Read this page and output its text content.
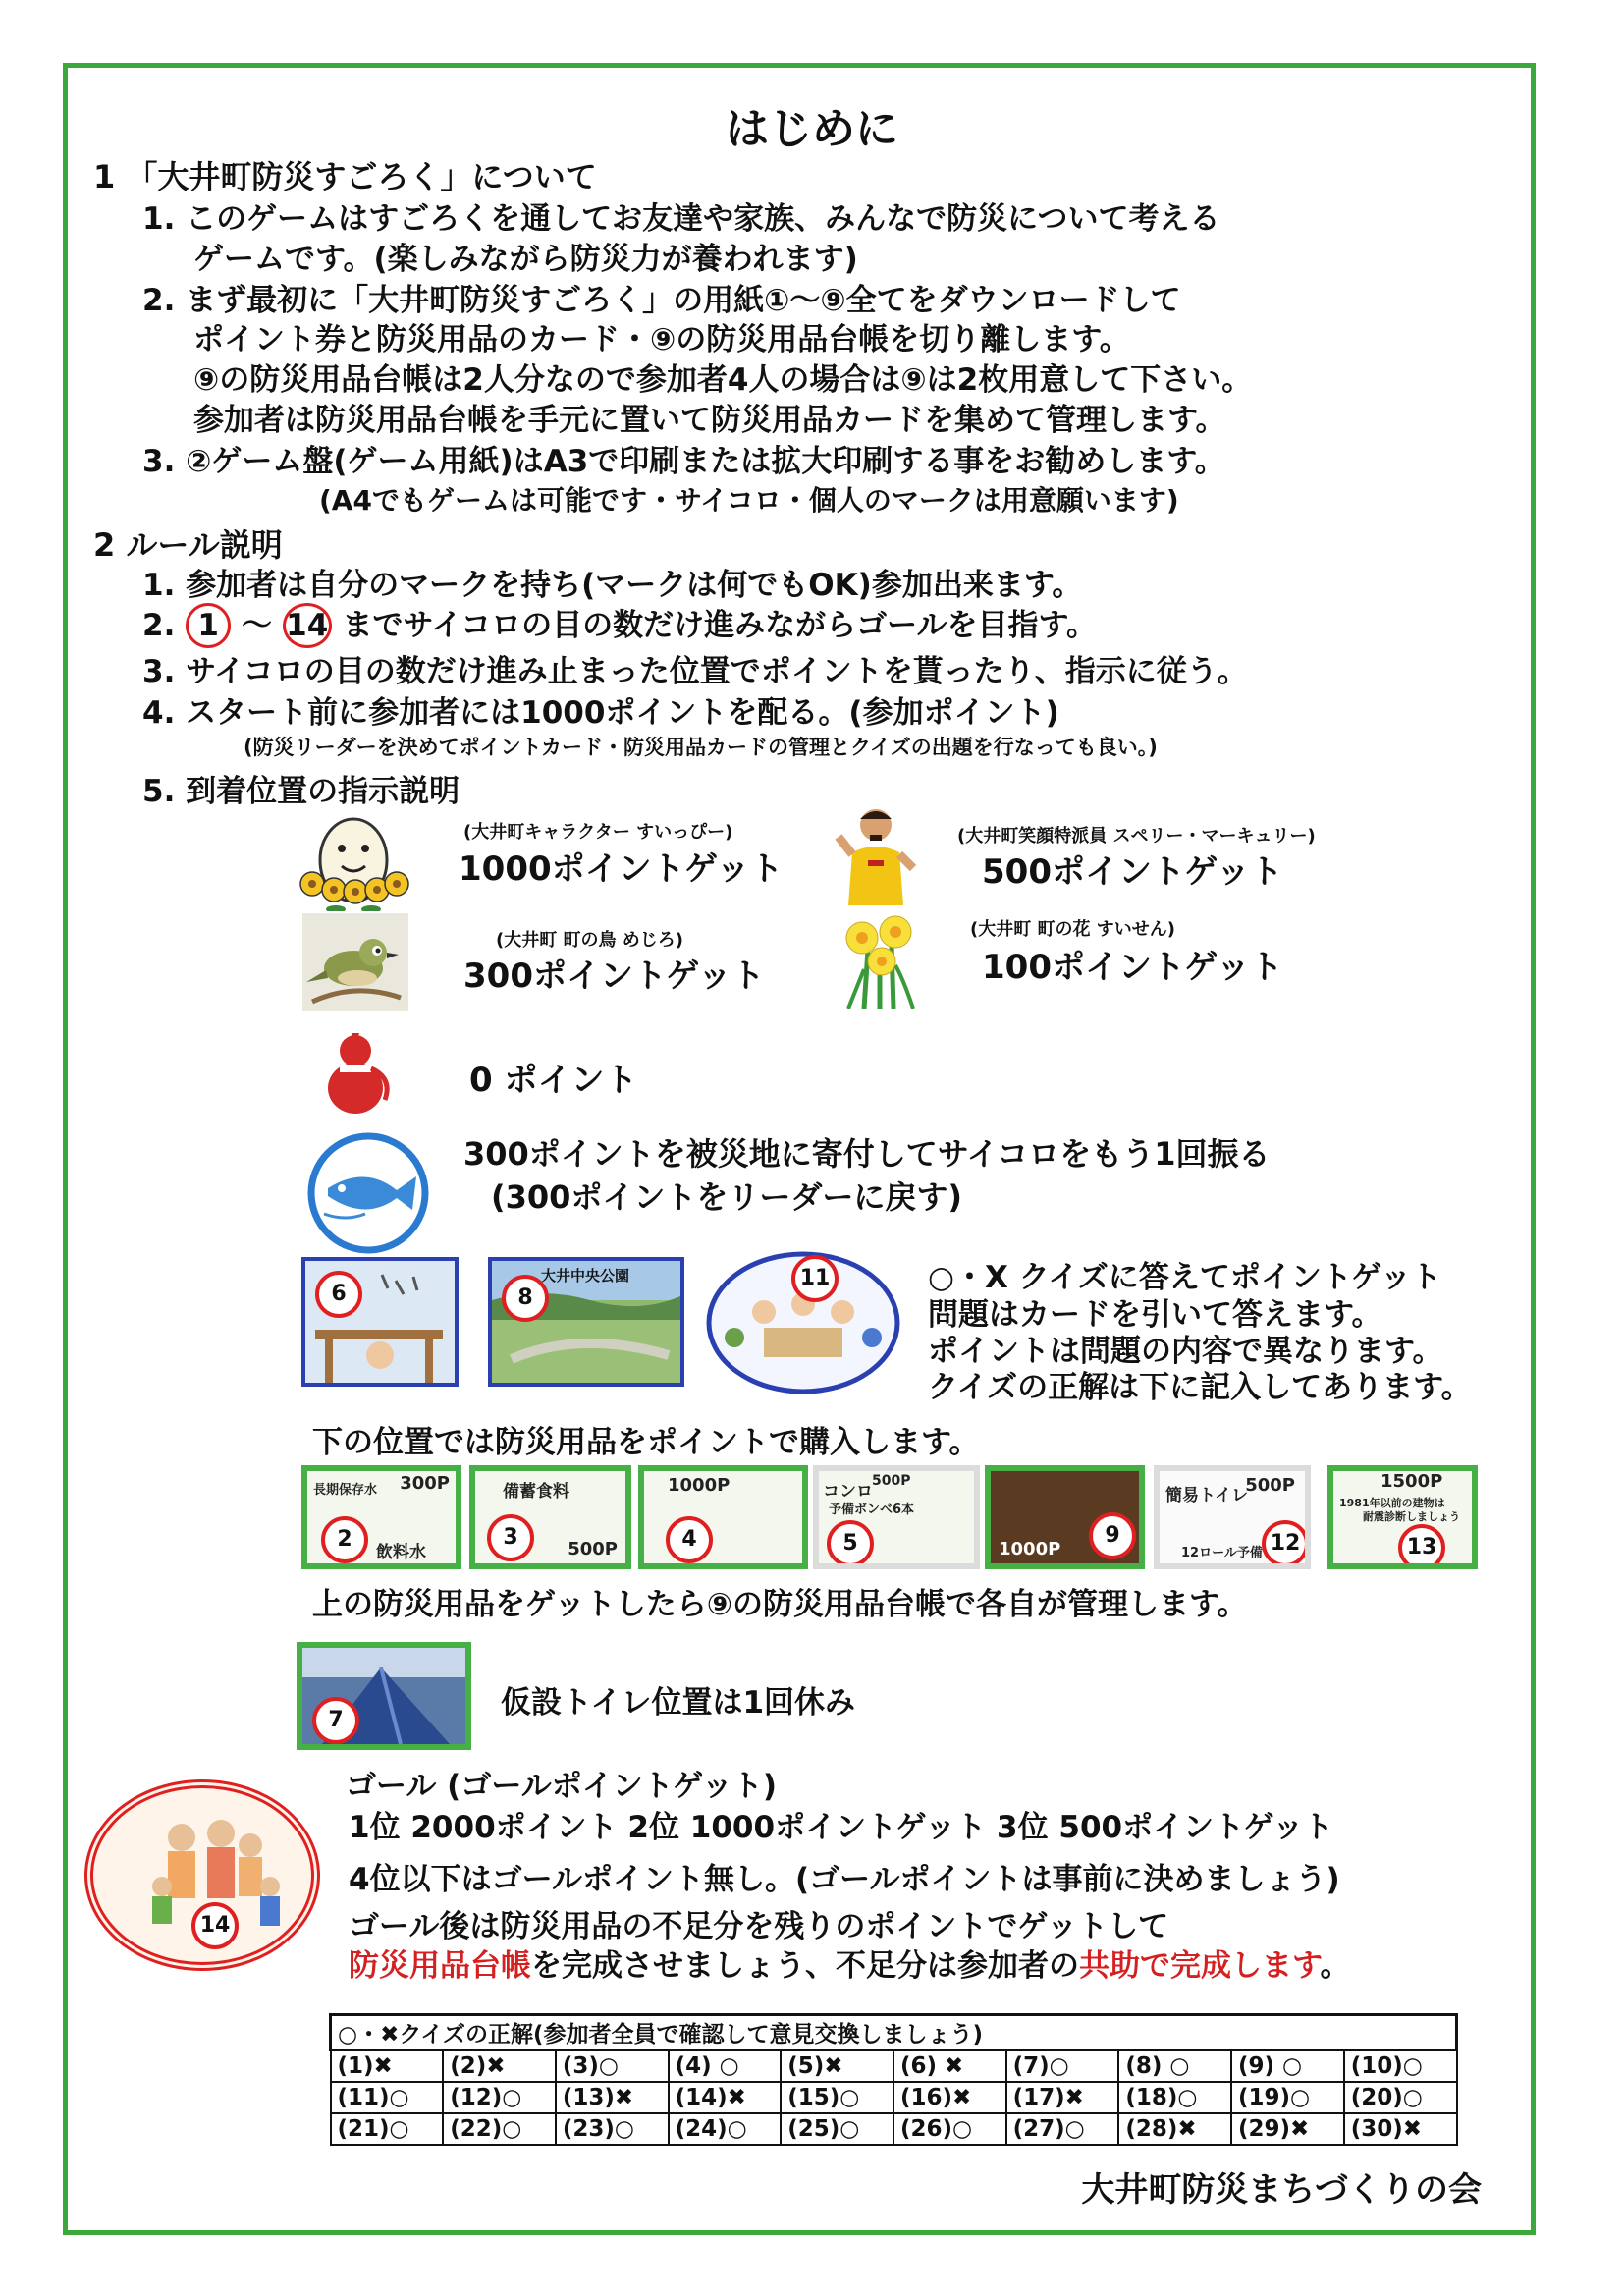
はじめに
1 「大井町防災すごろく」について
1. このゲームはすごろくを通してお友達や家族、みんなで防災について考える
ゲームです。(楽しみながら防災力が養われます)
2. まず最初に「大井町防災すごろく」の用紙①～⑨全てをダウンロードして
ポイント券と防災用品のカード・⑨の防災用品台帳を切り離します。
⑨の防災用品台帳は2人分なので参加者4人の場合は⑨は2枚用意して下さい。
参加者は防災用品台帳を手元に置いて防災用品カードを集めて管理します。
3. ②ゲーム盤(ゲーム用紙)はA3で印刷または拡大印刷する事をお勧めします。
(A4でもゲームは可能です・サイコロ・個人のマークは用意願います)
2 ルール説明
1. 参加者は自分のマークを持ち(マークは何でもOK)参加出来ます。
2. 1 ～ 14 までサイコロの目の数だけ進みながらゴールを目指す。
3. サイコロの目の数だけ進み止まった位置でポイントを貰ったり、指示に従う。
4. スタート前に参加者には1000ポイントを配る。(参加ポイント)
(防災リーダーを決めてポイントカード・防災用品カードの管理とクイズの出題を行なっても良い。)
5. 到着位置の指示説明
(大井町キャラクター すいっぴー)
1000ポイントゲット
(大井町笑顔特派員 スペリー・マーキュリー)
500ポイントゲット
(大井町 町の鳥 めじろ)
300ポイントゲット
(大井町 町の花 すいせん)
100ポイントゲット
0 ポイント
300ポイントを被災地に寄付してサイコロをもう1回振る
(300ポイントをリーダーに戻す)
6
大井中央公園
8
11	○・X クイズに答えてポイントゲット
問題はカードを引いて答えます。
ポイントは問題の内容で異なります。
クイズの正解は下に記入してあります。
下の位置では防災用品をポイントで購入します。
300P
長期保存水
飲料水
2
備蓄食料
500P
3
1000P
4
コンロ
500P
予備ボンベ6本
5	1000P
9
簡易トイレ
500P
12ロール予備 12
1500P
1981年以前の建物は
耐震診断しましょう
13
上の防災用品をゲットしたら⑨の防災用品台帳で各自が管理します。
7	仮設トイレ位置は1回休み
14
ゴール (ゴールポイントゲット)
1位 2000ポイント 2位 1000ポイントゲット 3位 500ポイントゲット
4位以下はゴールポイント無し。(ゴールポイントは事前に決めましょう)
ゴール後は防災用品の不足分を残りのポイントでゲットして
防災用品台帳を完成させましょう、不足分は参加者の共助で完成します。
○・✖クイズの正解(参加者全員で確認して意見交換しましょう)									
(1)✖	(2)✖	(3)○	(4) ○	(5)✖	(6) ✖	(7)○	(8) ○	(9) ○	(10)○
(11)○	(12)○	(13)✖	(14)✖	(15)○	(16)✖	(17)✖	(18)○	(19)○	(20)○
(21)○	(22)○	(23)○	(24)○	(25)○	(26)○	(27)○	(28)✖	(29)✖	(30)✖
大井町防災まちづくりの会
